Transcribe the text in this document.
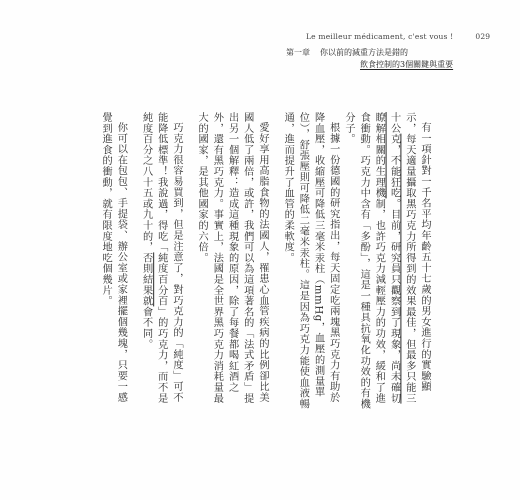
Le meilleur médicament, c'est vous !	029
第一章 你以前的減重方法是錯的
飲食控制的3個關鍵與重要

有一項針對一千名平均年齡五十七歲的男女進行的實驗顯示，每天適量攝取黑巧克力所得到的效果最佳，但最多只能三十公克，不能狂吃。目前，研究員只觀察到了現象，尚未確切瞭解相關的生理機制，也許巧克力減輕壓力的功效，緩和了進食衝動。巧克力中含有「多酚」，這是一種具抗氧化功效的有機分子。

根據一份德國的研究指出，每天固定吃兩塊黑巧克力有助於降血壓，收縮壓可降低三毫米汞柱（mmHg，血壓的測量單位），舒張壓則可降低二毫米汞柱。這是因為巧克力能使血液暢通，進而提升了血管的柔軟度。

愛好享用高脂食物的法國人，罹患心血管疾病的比例卻比美國人低了兩倍，或許，我們可以為這項著名的「法式矛盾」提出另一個解釋：造成這種現象的原因，除了每餐都喝紅酒之外，還有黑巧克力。事實上，法國是全世界黑巧克力消耗量最大的國家，是其他國家的六倍。

巧克力很容易買到，但是注意了，對巧克力的「純度」可不能降低標準！我說過，得吃「純度百分百」的巧克力，而不是純度百分之八十五或九十的，否則結果就會不同。

你可以在包包、手提袋、辦公室或家裡擺個幾塊，只要一感覺到進食的衝動，就有限度地吃個幾片。
